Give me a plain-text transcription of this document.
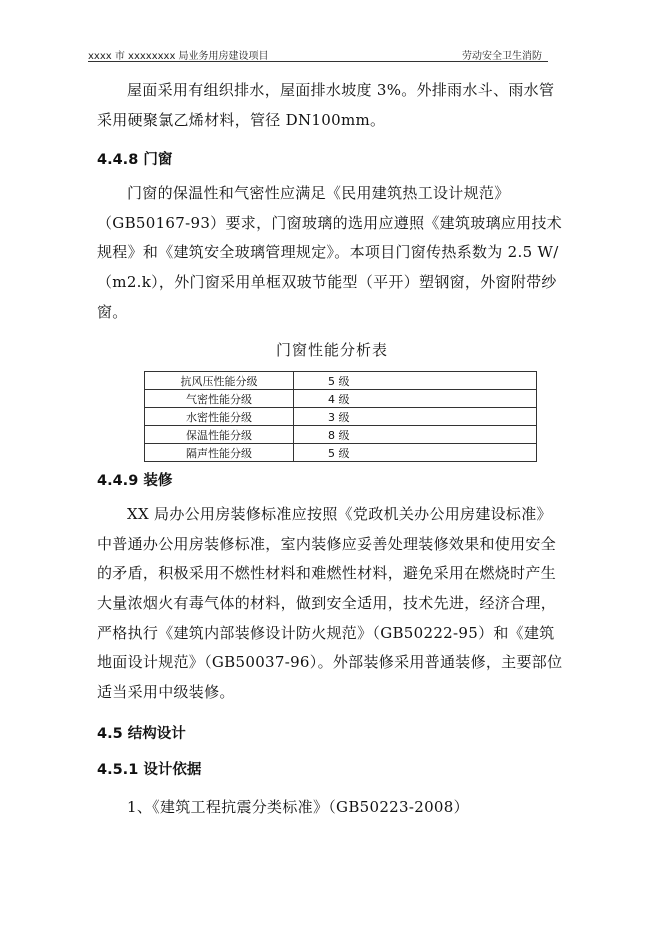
xxxx 市 xxxxxxxx 局业务用房建设项目	劳动安全卫生消防

屋面采用有组织排水，屋面排水坡度 3%。外排雨水斗、雨水管采用硬聚氯乙烯材料，管径 DN100mm。

4.4.8 门窗

门窗的保温性和气密性应满足《民用建筑热工设计规范》（GB50167-93）要求，门窗玻璃的选用应遵照《建筑玻璃应用技术规程》和《建筑安全玻璃管理规定》。本项目门窗传热系数为 2.5 W/（m2.k），外门窗采用单框双玻节能型（平开）塑钢窗，外窗附带纱窗。

门窗性能分析表

抗风压性能分级	5 级
气密性能分级	4 级
水密性能分级	3 级
保温性能分级	8 级
隔声性能分级	5 级

4.4.9 装修

XX 局办公用房装修标准应按照《党政机关办公用房建设标准》中普通办公用房装修标准，室内装修应妥善处理装修效果和使用安全的矛盾，积极采用不燃性材料和难燃性材料，避免采用在燃烧时产生大量浓烟火有毒气体的材料，做到安全适用，技术先进，经济合理，严格执行《建筑内部装修设计防火规范》（GB50222-95）和《建筑地面设计规范》（GB50037-96）。外部装修采用普通装修，主要部位适当采用中级装修。

4.5 结构设计

4.5.1 设计依据

1、《建筑工程抗震分类标准》（GB50223-2008）
